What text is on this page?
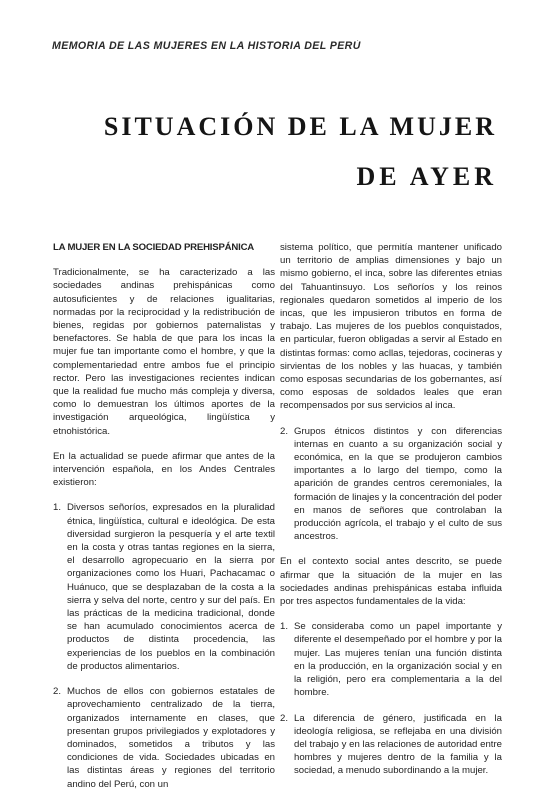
MEMORIA DE LAS MUJERES EN LA HISTORIA DEL PERÚ
SITUACIÓN DE LA MUJER
DE AYER
LA MUJER EN LA SOCIEDAD PREHISPÁNICA

Tradicionalmente, se ha caracterizado a las sociedades andinas prehispánicas como autosuficientes y de relaciones igualitarias, normadas por la reciprocidad y la redistribución de bienes, regidas por gobiernos paternalistas y benefactores. Se habla de que para los incas la mujer fue tan importante como el hombre, y que la complementariedad entre ambos fue el principio rector. Pero las investigaciones recientes indican que la realidad fue mucho más compleja y diversa, como lo demuestran los últimos aportes de la investigación arqueológica, lingüística y etnohistórica.

En la actualidad se puede afirmar que antes de la intervención española, en los Andes Centrales existieron:

1. Diversos señoríos, expresados en la pluralidad étnica, lingüística, cultural e ideológica. De esta diversidad surgieron la pesquería y el arte textil en la costa y otras tantas regiones en la sierra, el desarrollo agropecuario en la sierra por organizaciones como los Huari, Pachacamac o Huánuco, que se desplazaban de la costa a la sierra y selva del norte, centro y sur del país. En las prácticas de la medicina tradicional, donde se han acumulado conocimientos acerca de productos de distinta procedencia, las experiencias de los pueblos en la combinación de productos alimentarios.
2. Muchos de ellos con gobiernos estatales de aprovechamiento centralizado de la tierra, organizados internamente en clases, que presentan grupos privilegiados y explotadores y dominados, sometidos a tributos y las condiciones de vida. Sociedades ubicadas en las distintas áreas y regiones del territorio andino del Perú, con un

sistema político, que permitía mantener unificado un territorio de amplias dimensiones y bajo un mismo gobierno, el inca, sobre las diferentes etnias del Tahuantinsuyo. Los señoríos y los reinos regionales quedaron sometidos al imperio de los incas, que les impusieron tributos en forma de trabajo. Las mujeres de los pueblos conquistados, en particular, fueron obligadas a servir al Estado en distintas formas: como acllas, tejedoras, cocineras y sirvientas de los nobles y las huacas, y también como esposas secundarias de los gobernantes, así como esposas de soldados leales que eran recompensados por sus servicios al inca.

2. Grupos étnicos distintos y con diferencias internas en cuanto a su organización social y económica, en la que se produjeron cambios importantes a lo largo del tiempo, como la aparición de grandes centros ceremoniales, la formación de linajes y la concentración del poder en manos de señores que controlaban la producción agrícola, el trabajo y el culto de sus ancestros.

En el contexto social antes descrito, se puede afirmar que la situación de la mujer en las sociedades andinas prehispánicas estaba influida por tres aspectos fundamentales de la vida:

1. Se consideraba como un papel importante y diferente el desempeñado por el hombre y por la mujer. Las mujeres tenían una función distinta en la producción, en la organización social y en la religión, pero era complementaria a la del hombre.
2. La diferencia de género, justificada en la ideología religiosa, se reflejaba en una división del trabajo y en las relaciones de autoridad entre hombres y mujeres dentro de la familia y la sociedad, a menudo subordinando a la mujer.
